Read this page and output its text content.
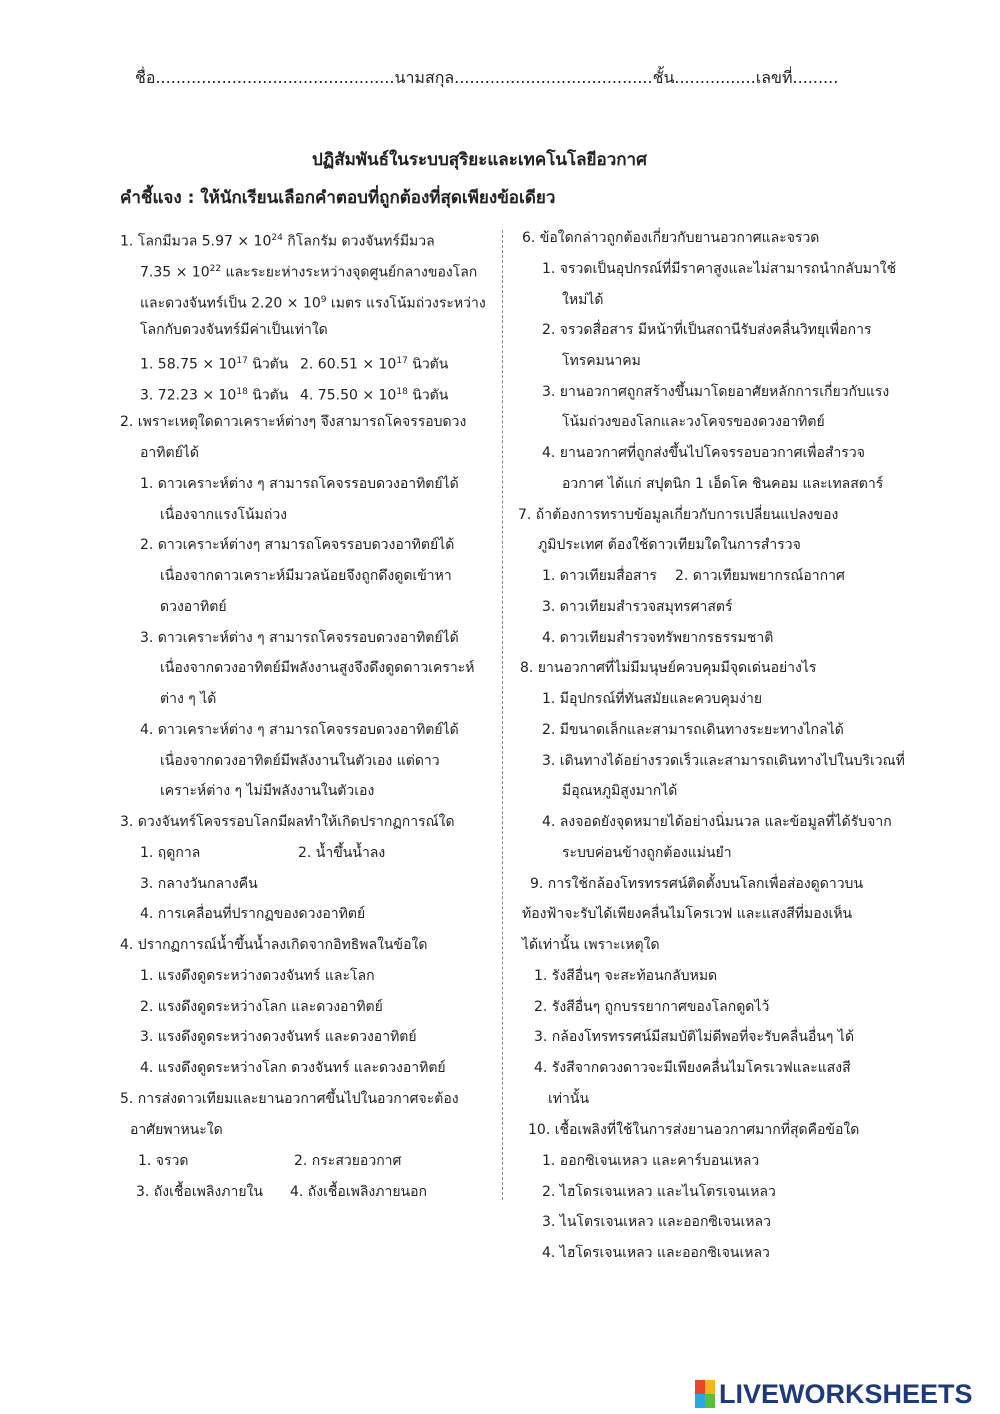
ชื่อ...............................................นามสกุล.......................................ชั้น................เลขที่.........
ปฏิสัมพันธ์ในระบบสุริยะและเทคโนโลยีอวกาศ
คำชี้แจง : ให้นักเรียนเลือกคำตอบที่ถูกต้องที่สุดเพียงข้อเดียว
1. โลกมีมวล $5.97 \times 10^{24}$ กิโลกรัม ดวงจันทร์มีมวล
$7.35 \times 10^{22}$ และระยะห่างระหว่างจุดศูนย์กลางของโลก
และดวงจันทร์เป็น $2.20 \times 10^9$ เมตร แรงโน้มถ่วงระหว่าง
โลกกับดวงจันทร์มีค่าเป็นเท่าใด
1. $58.75 \times 10^{17}$ นิวตัน 2. $60.51 \times 10^{17}$ นิวตัน
3. $72.23 \times 10^{18}$ นิวตัน 4. $75.50 \times 10^{18}$ นิวตัน
2. เพราะเหตุใดดาวเคราะห์ต่างๆ จึงสามารถโคจรรอบดวง
อาทิตย์ได้
1. ดาวเคราะห์ต่าง ๆ สามารถโคจรรอบดวงอาทิตย์ได้
เนื่องจากแรงโน้มถ่วง
2. ดาวเคราะห์ต่างๆ สามารถโคจรรอบดวงอาทิตย์ได้
เนื่องจากดาวเคราะห์มีมวลน้อยจึงถูกดึงดูดเข้าหา
ดวงอาทิตย์
3. ดาวเคราะห์ต่าง ๆ สามารถโคจรรอบดวงอาทิตย์ได้
เนื่องจากดวงอาทิตย์มีพลังงานสูงจึงดึงดูดดาวเคราะห์
ต่าง ๆ ได้
4. ดาวเคราะห์ต่าง ๆ สามารถโคจรรอบดวงอาทิตย์ได้
เนื่องจากดวงอาทิตย์มีพลังงานในตัวเอง แต่ดาว
เคราะห์ต่าง ๆ ไม่มีพลังงานในตัวเอง
3. ดวงจันทร์โคจรรอบโลกมีผลทำให้เกิดปรากฏการณ์ใด
1. ฤดูกาล	2. น้ำขึ้นน้ำลง
3. กลางวันกลางคืน
4. การเคลื่อนที่ปรากฏของดวงอาทิตย์
4. ปรากฏการณ์น้ำขึ้นน้ำลงเกิดจากอิทธิพลในข้อใด
1. แรงดึงดูดระหว่างดวงจันทร์ และโลก
2. แรงดึงดูดระหว่างโลก และดวงอาทิตย์
3. แรงดึงดูดระหว่างดวงจันทร์ และดวงอาทิตย์
4. แรงดึงดูดระหว่างโลก ดวงจันทร์ และดวงอาทิตย์
5. การส่งดาวเทียมและยานอวกาศขึ้นไปในอวกาศจะต้อง
อาศัยพาหนะใด
1. จรวด	2. กระสวยอวกาศ
3. ถังเชื้อเพลิงภายใน 4. ถังเชื้อเพลิงภายนอก
6. ข้อใดกล่าวถูกต้องเกี่ยวกับยานอวกาศและจรวด
1. จรวดเป็นอุปกรณ์ที่มีราคาสูงและไม่สามารถนำกลับมาใช้
ใหม่ได้
2. จรวดสื่อสาร มีหน้าที่เป็นสถานีรับส่งคลื่นวิทยุเพื่อการ
โทรคมนาคม
3. ยานอวกาศถูกสร้างขึ้นมาโดยอาศัยหลักการเกี่ยวกับแรง
โน้มถ่วงของโลกและวงโคจรของดวงอาทิตย์
4. ยานอวกาศที่ถูกส่งขึ้นไปโคจรรอบอวกาศเพื่อสำรวจ
อวกาศ ได้แก่ สปุตนิก 1 เอ็ดโค ชินคอม และเทลสตาร์
7. ถ้าต้องการทราบข้อมูลเกี่ยวกับการเปลี่ยนแปลงของ
ภูมิประเทศ ต้องใช้ดาวเทียมใดในการสำรวจ
1. ดาวเทียมสื่อสาร 2. ดาวเทียมพยากรณ์อากาศ
3. ดาวเทียมสำรวจสมุทรศาสตร์
4. ดาวเทียมสำรวจทรัพยากรธรรมชาติ
8. ยานอวกาศที่ไม่มีมนุษย์ควบคุมมีจุดเด่นอย่างไร
1. มีอุปกรณ์ที่ทันสมัยและควบคุมง่าย
2. มีขนาดเล็กและสามารถเดินทางระยะทางไกลได้
3. เดินทางได้อย่างรวดเร็วและสามารถเดินทางไปในบริเวณที่
มีอุณหภูมิสูงมากได้
4. ลงจอดยังจุดหมายได้อย่างนิ่มนวล และข้อมูลที่ได้รับจาก
ระบบค่อนข้างถูกต้องแม่นยำ
9. การใช้กล้องโทรทรรศน์ติดตั้งบนโลกเพื่อส่องดูดาวบน
ท้องฟ้าจะรับได้เพียงคลื่นไมโครเวฟ และแสงสีที่มองเห็น
ได้เท่านั้น เพราะเหตุใด
1. รังสีอื่นๆ จะสะท้อนกลับหมด
2. รังสีอื่นๆ ถูกบรรยากาศของโลกดูดไว้
3. กล้องโทรทรรศน์มีสมบัติไม่ดีพอที่จะรับคลื่นอื่นๆ ได้
4. รังสีจากดวงดาวจะมีเพียงคลื่นไมโครเวฟและแสงสี
เท่านั้น
10. เชื้อเพลิงที่ใช้ในการส่งยานอวกาศมากที่สุดคือข้อใด
1. ออกซิเจนเหลว และคาร์บอนเหลว
2. ไฮโดรเจนเหลว และไนโตรเจนเหลว
3. ไนโตรเจนเหลว และออกซิเจนเหลว
4. ไฮโดรเจนเหลว และออกซิเจนเหลว
LIVEWORKSHEETS
